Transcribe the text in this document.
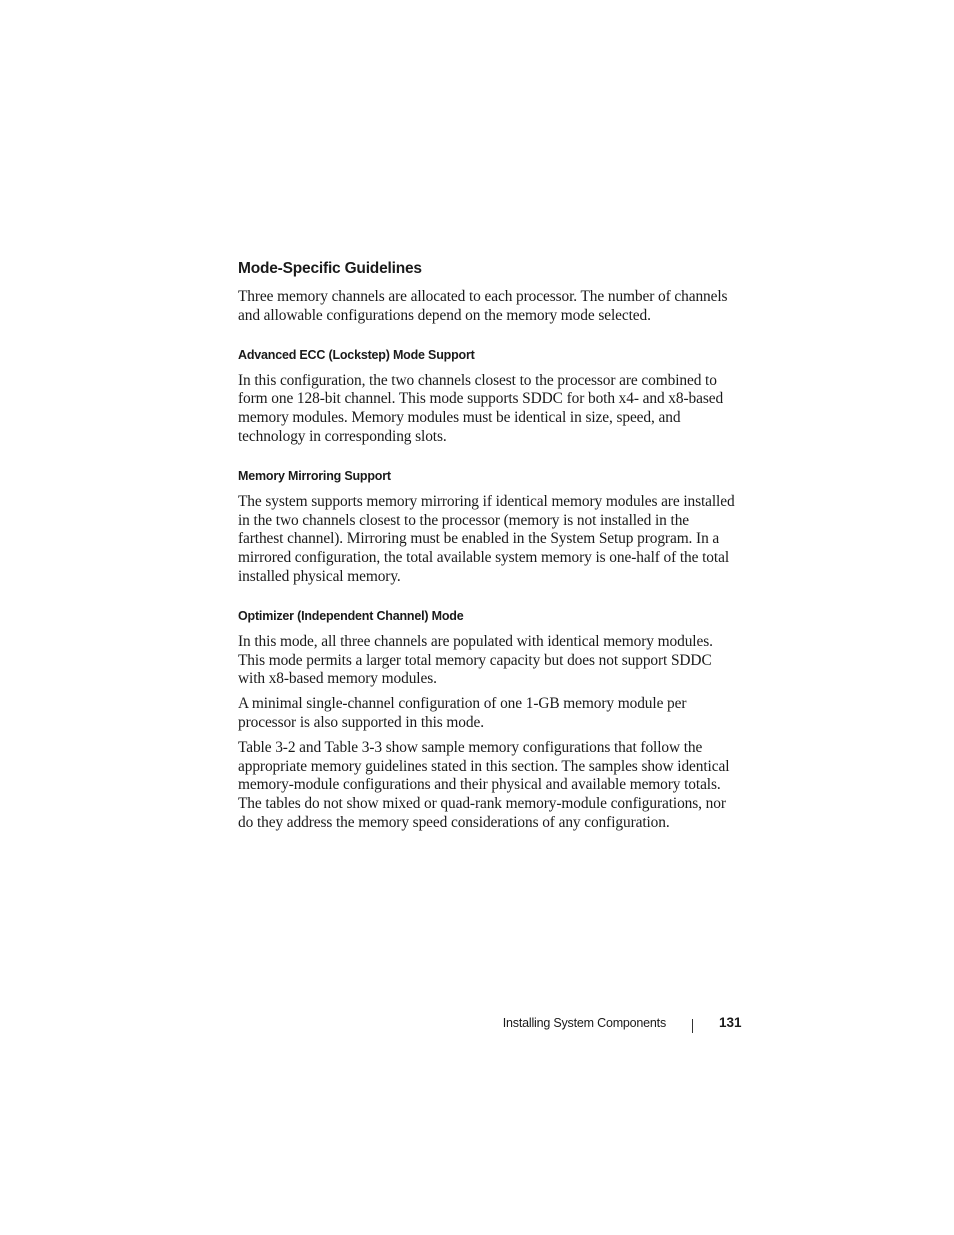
Mode-Specific Guidelines

Three memory channels are allocated to each processor. The number of channels and allowable configurations depend on the memory mode selected.

Advanced ECC (Lockstep) Mode Support

In this configuration, the two channels closest to the processor are combined to form one 128-bit channel. This mode supports SDDC for both x4- and x8-based memory modules. Memory modules must be identical in size, speed, and technology in corresponding slots.

Memory Mirroring Support

The system supports memory mirroring if identical memory modules are installed in the two channels closest to the processor (memory is not installed in the farthest channel). Mirroring must be enabled in the System Setup program. In a mirrored configuration, the total available system memory is one-half of the total installed physical memory.

Optimizer (Independent Channel) Mode

In this mode, all three channels are populated with identical memory modules. This mode permits a larger total memory capacity but does not support SDDC with x8-based memory modules.

A minimal single-channel configuration of one 1-GB memory module per processor is also supported in this mode.

Table 3-2 and Table 3-3 show sample memory configurations that follow the appropriate memory guidelines stated in this section. The samples show identical memory-module configurations and their physical and available memory totals. The tables do not show mixed or quad-rank memory-module configurations, nor do they address the memory speed considerations of any configuration.

Installing System Components	131
